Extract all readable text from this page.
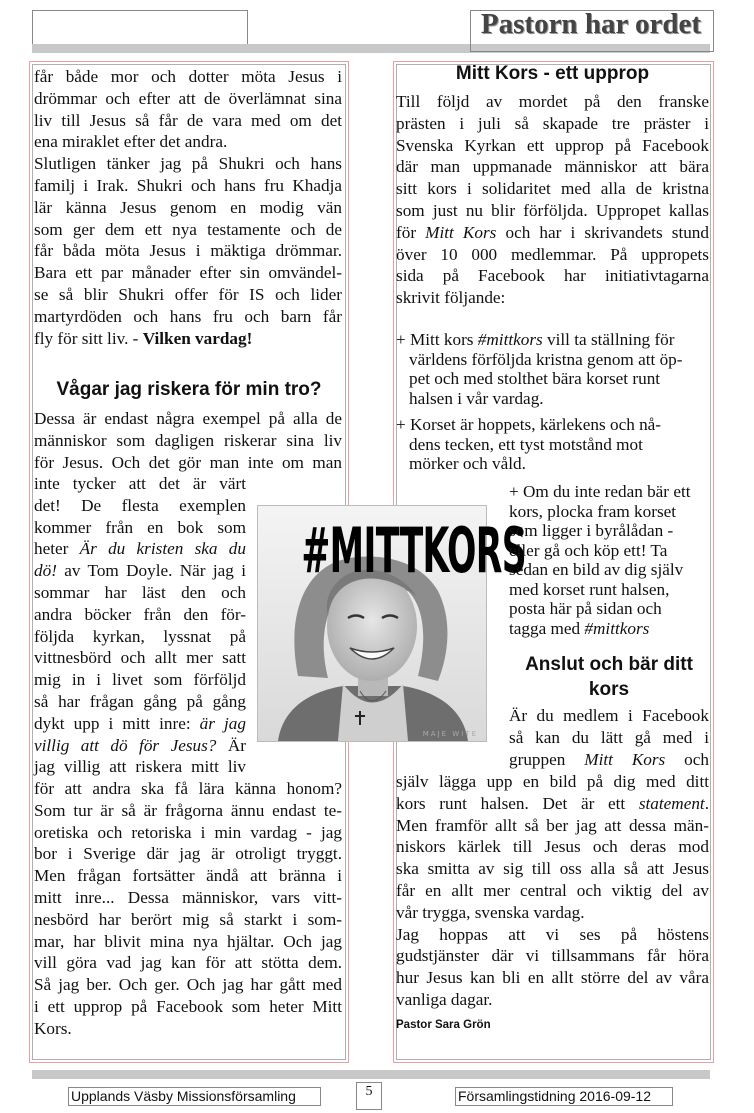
Pastorn har ordet
får både mor och dotter möta Jesus i
drömmar och efter att de överlämnat sina
liv till Jesus så får de vara med om det
ena miraklet efter det andra.
Slutligen tänker jag på Shukri och hans
familj i Irak. Shukri och hans fru Khadja
lär känna Jesus genom en modig vän
som ger dem ett nya testamente och de
får båda möta Jesus i mäktiga drömmar.
Bara ett par månader efter sin omvändel-
se så blir Shukri offer för IS och lider
martyrdöden och hans fru och barn får
fly för sitt liv. - Vilken vardag!
Vågar jag riskera för min tro?
Dessa är endast några exempel på alla de
människor som dagligen riskerar sina liv
för Jesus. Och det gör man inte om man
inte tycker att det är värt
det! De flesta exemplen
kommer från en bok som
heter Är du kristen ska du
dö! av Tom Doyle. När jag i
sommar har läst den och
andra böcker från den för-
följda kyrkan, lyssnat på
vittnesbörd och allt mer satt
mig in i livet som förföljd
så har frågan gång på gång
dykt upp i mitt inre: är jag
villig att dö för Jesus? Är
jag villig att riskera mitt liv
för att andra ska få lära känna honom?
Som tur är så är frågorna ännu endast te-
oretiska och retoriska i min vardag - jag
bor i Sverige där jag är otroligt tryggt.
Men frågan fortsätter ändå att bränna i
mitt inre... Dessa människor, vars vitt-
nesbörd har berört mig så starkt i som-
mar, har blivit mina nya hjältar. Och jag
vill göra vad jag kan för att stötta dem.
Så jag ber. Och ger. Och jag har gått med
i ett upprop på Facebook som heter Mitt
Kors.
#MITTKORS
MAJE WITE
Mitt Kors - ett upprop
Till följd av mordet på den franske
prästen i juli så skapade tre präster i
Svenska Kyrkan ett upprop på Facebook
där man uppmanade människor att bära
sitt kors i solidaritet med alla de kristna
som just nu blir förföljda. Uppropet kallas
för Mitt Kors och har i skrivandets stund
över 10 000 medlemmar. På uppropets
sida på Facebook har initiativtagarna
skrivit följande:
+ Mitt kors #mittkors vill ta ställning för
världens förföljda kristna genom att öp-
pet och med stolthet bära korset runt
halsen i vår vardag.
+ Korset är hoppets, kärlekens och nå-
dens tecken, ett tyst motstånd mot
mörker och våld.
+ Om du inte redan bär ett
kors, plocka fram korset
som ligger i byrålådan -
eller gå och köp ett! Ta
sedan en bild av dig själv
med korset runt halsen,
posta här på sidan och
tagga med #mittkors
Anslut och bär ditt
kors
Är du medlem i Facebook
så kan du lätt gå med i
gruppen Mitt Kors och
själv lägga upp en bild på dig med ditt
kors runt halsen. Det är ett statement.
Men framför allt så ber jag att dessa män-
niskors kärlek till Jesus och deras mod
ska smitta av sig till oss alla så att Jesus
får en allt mer central och viktig del av
vår trygga, svenska vardag.
Jag hoppas att vi ses på höstens
gudstjänster där vi tillsammans får höra
hur Jesus kan bli en allt större del av våra
vanliga dagar.
Pastor Sara Grön
Upplands Väsby Missionsförsamling	5	Församlingstidning 2016-09-12
